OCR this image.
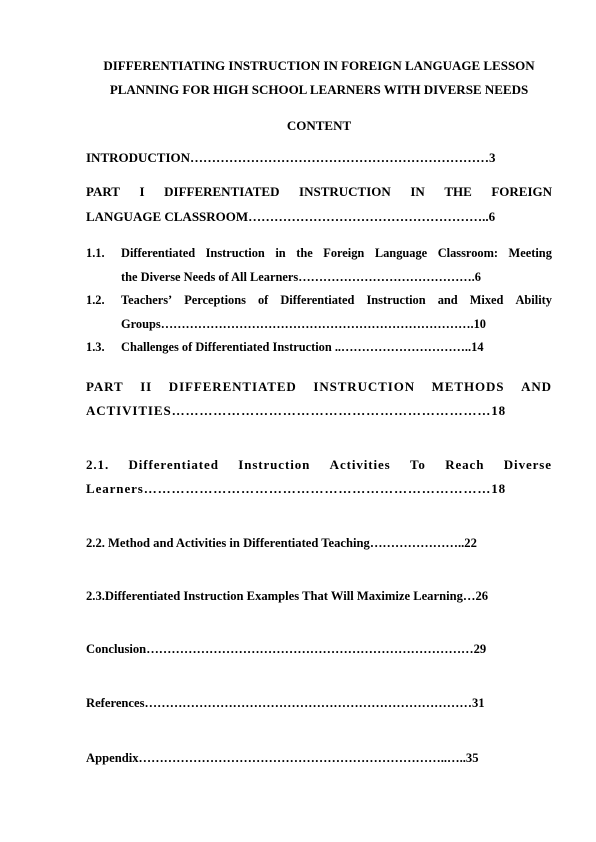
DIFFERENTIATING INSTRUCTION IN FOREIGN LANGUAGE LESSON
PLANNING FOR HIGH SCHOOL LEARNERS WITH DIVERSE NEEDS
CONTENT
INTRODUCTION……………………………………………………………3
PART I DIFFERENTIATED INSTRUCTION IN THE FOREIGN
LANGUAGE CLASSROOM………………………………………………..6
1.1. Differentiated Instruction in the Foreign Language Classroom: Meeting
the Diverse Needs of All Learners…………………………………….6
1.2. Teachers’ Perceptions of Differentiated Instruction and Mixed Ability
Groups………………………………………………………………….10
1.3. Challenges of Differentiated Instruction ..…………………………..14
PART II DIFFERENTIATED INSTRUCTION METHODS AND
ACTIVITIES……………………………………………………………18
2.1. Differentiated Instruction Activities To Reach Diverse
Learners…………………………………………………………………18
2.2. Method and Activities in Differentiated Teaching…………………..22
2.3.Differentiated Instruction Examples That Will Maximize Learning…26
Conclusion……………………………………………………………………29
References……………………………………………………………………31
Appendix………………………………………………………………..…..35
